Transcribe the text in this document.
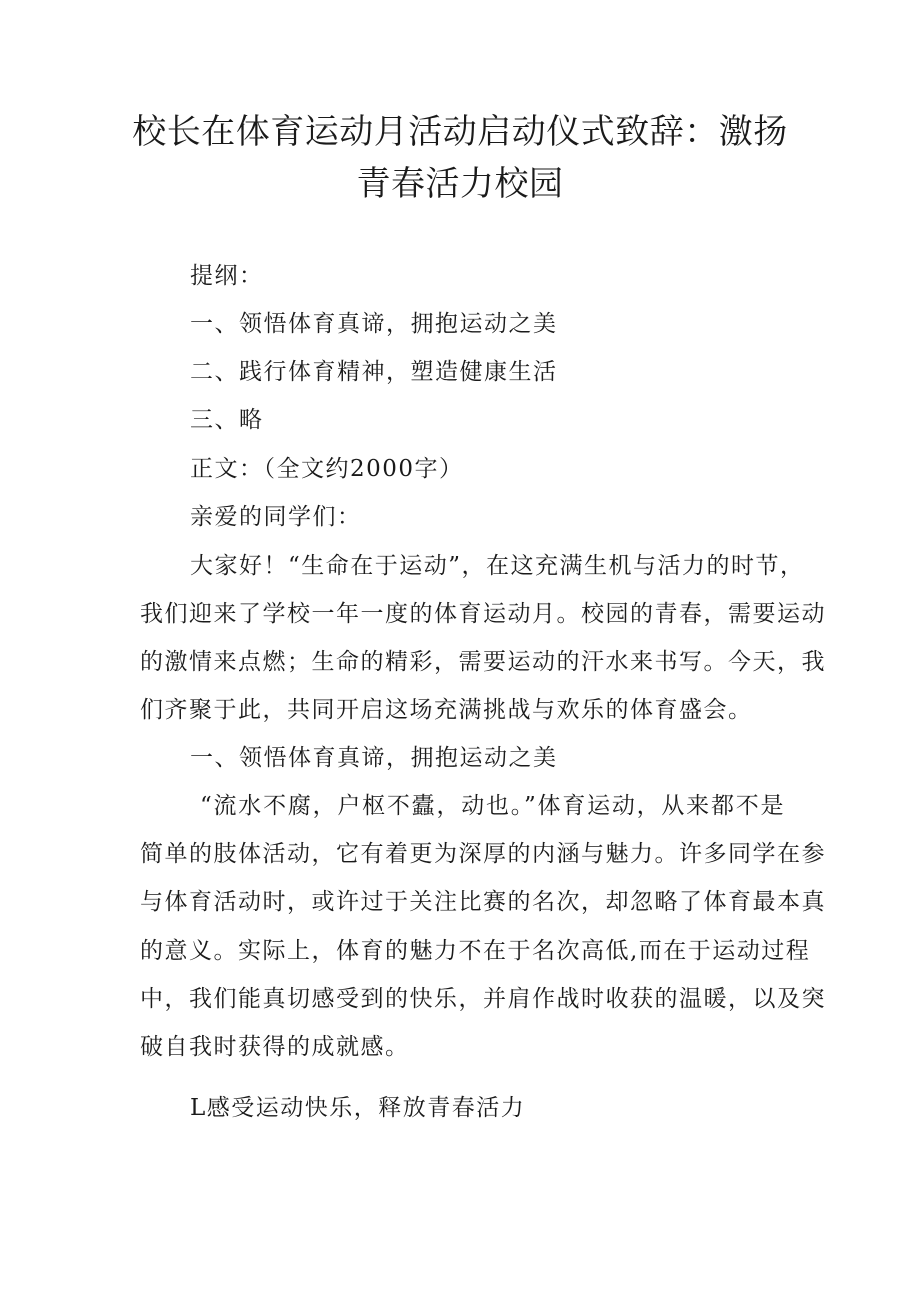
校长在体育运动月活动启动仪式致辞：激扬
青春活力校园
提纲：
一、领悟体育真谛，拥抱运动之美
二、践行体育精神，塑造健康生活
三、略
正文：（全文约2000字）
亲爱的同学们：
大家好！“生命在于运动”，在这充满生机与活力的时节，
我们迎来了学校一年一度的体育运动月。校园的青春，需要运动
的激情来点燃；生命的精彩，需要运动的汗水来书写。今天，我
们齐聚于此，共同开启这场充满挑战与欢乐的体育盛会。
一、领悟体育真谛，拥抱运动之美
“流水不腐，户枢不蠹，动也。”体育运动，从来都不是
简单的肢体活动，它有着更为深厚的内涵与魅力。许多同学在参
与体育活动时，或许过于关注比赛的名次，却忽略了体育最本真
的意义。实际上，体育的魅力不在于名次高低,而在于运动过程
中，我们能真切感受到的快乐，并肩作战时收获的温暖，以及突
破自我时获得的成就感。
L感受运动快乐，释放青春活力
